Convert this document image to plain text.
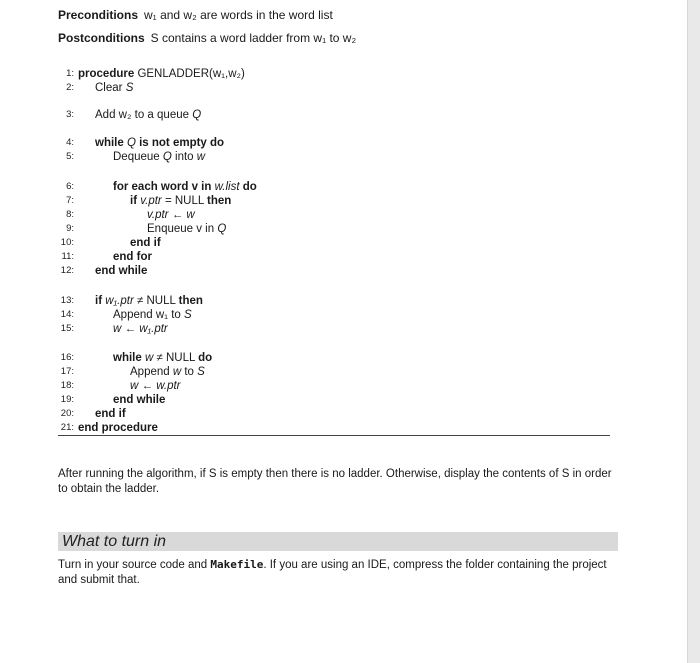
Preconditions w₁ and w₂ are words in the word list
Postconditions S contains a word ladder from w₁ to w₂
1: procedure GENLADDER(w₁,w₂)
2: Clear S
3: Add w₂ to a queue Q
4: while Q is not empty do
5:	Dequeue Q into w
6:	for each word v in w.list do
7:	if v.ptr = NULL then
8:	v.ptr ← w
9:	Enqueue v in Q
10:	end if
11:	end for
12: end while
13: if w₁.ptr ≠ NULL then
14:	Append w₁ to S
15:	w ← w₁.ptr
16:	while w ≠ NULL do
17:	Append w to S
18:	w ← w.ptr
19:	end while
20: end if
21: end procedure
After running the algorithm, if S is empty then there is no ladder. Otherwise, display the contents of S in order to obtain the ladder.
What to turn in
Turn in your source code and Makefile. If you are using an IDE, compress the folder containing the project and submit that.
